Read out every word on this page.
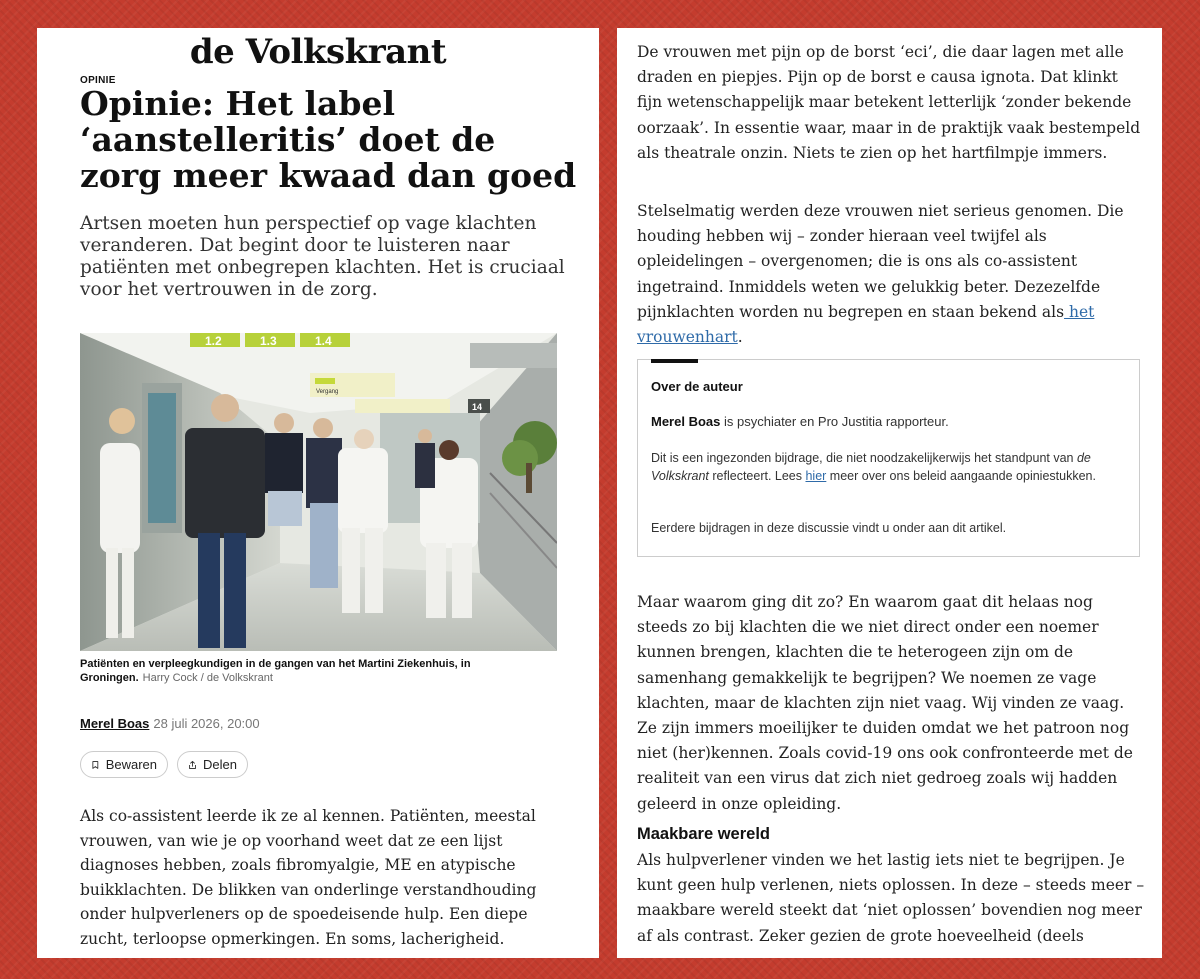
de Volkskrant
OPINIE
Opinie: Het label ‘aanstelleritis’ doet de zorg meer kwaad dan goed

Artsen moeten hun perspectief op vage klachten veranderen. Dat begint door te luisteren naar patiënten met onbegrepen klachten. Het is cruciaal voor het vertrouwen in de zorg.

1.2	1.3	1.4
Vergang
14
Patiënten en verpleegkundigen in de gangen van het Martini Ziekenhuis, in Groningen. Harry Cock / de Volkskrant
Merel Boas 28 juli 2026, 20:00
Bewaren	Delen

Als co-assistent leerde ik ze al kennen. Patiënten, meestal vrouwen, van wie je op voorhand weet dat ze een lijst diagnoses hebben, zoals fibromyalgie, ME en atypische buikklachten. De blikken van onderlinge verstandhouding onder hulpverleners op de spoedeisende hulp. Een diepe zucht, terloopse opmerkingen. En soms, lacherigheid.

De vrouwen met pijn op de borst ‘eci’, die daar lagen met alle draden en piepjes. Pijn op de borst e causa ignota. Dat klinkt fijn wetenschappelijk maar betekent letterlijk ‘zonder bekende oorzaak’. In essentie waar, maar in de praktijk vaak bestempeld als theatrale onzin. Niets te zien op het hartfilmpje immers.

Stelselmatig werden deze vrouwen niet serieus genomen. Die houding hebben wij – zonder hieraan veel twijfel als opleidelingen – overgenomen; die is ons als co-assistent ingetraind. Inmiddels weten we gelukkig beter. Dezezelfde pijnklachten worden nu begrepen en staan bekend als het vrouwenhart.

Over de auteur
Merel Boas is psychiater en Pro Justitia rapporteur.
Dit is een ingezonden bijdrage, die niet noodzakelijkerwijs het standpunt van de Volkskrant reflecteert. Lees hier meer over ons beleid aangaande opiniestukken.
Eerdere bijdragen in deze discussie vindt u onder aan dit artikel.

Maar waarom ging dit zo? En waarom gaat dit helaas nog steeds zo bij klachten die we niet direct onder een noemer kunnen brengen, klachten die te heterogeen zijn om de samenhang gemakkelijk te begrijpen? We noemen ze vage klachten, maar de klachten zijn niet vaag. Wij vinden ze vaag. Ze zijn immers moeilijker te duiden omdat we het patroon nog niet (her)kennen. Zoals covid-19 ons ook confronteerde met de realiteit van een virus dat zich niet gedroeg zoals wij hadden geleerd in onze opleiding.

Maakbare wereld

Als hulpverlener vinden we het lastig iets niet te begrijpen. Je kunt geen hulp verlenen, niets oplossen. In deze – steeds meer – maakbare wereld steekt dat ‘niet oplossen’ bovendien nog meer af als contrast. Zeker gezien de grote hoeveelheid (deels
